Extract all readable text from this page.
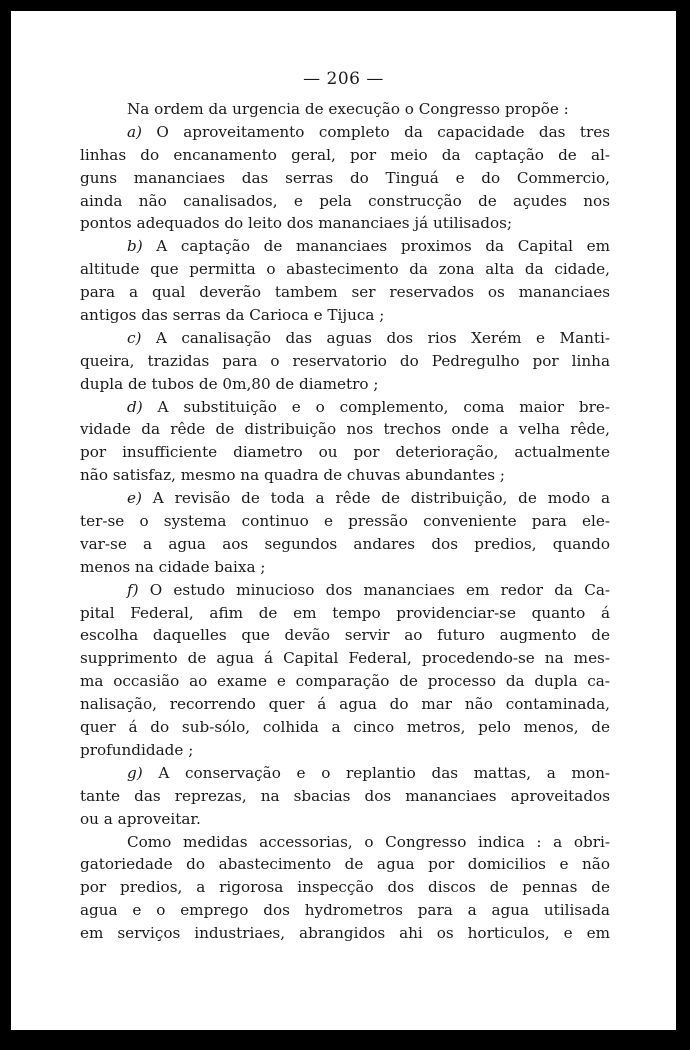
— 206 —
Na ordem da urgencia de execução o Congresso propõe :
a) O aproveitamento completo da capacidade das tres
linhas do encanamento geral, por meio da captação de al-
guns mananciaes das serras do Tinguá e do Commercio,
ainda não canalisados, e pela construcção de açudes nos
pontos adequados do leito dos mananciaes já utilisados;
b) A captação de mananciaes proximos da Capital em
altitude que permitta o abastecimento da zona alta da cidade,
para a qual deverão tambem ser reservados os mananciaes
antigos das serras da Carioca e Tijuca ;
c) A canalisação das aguas dos rios Xerém e Manti-
queira, trazidas para o reservatorio do Pedregulho por linha
dupla de tubos de 0m,80 de diametro ;
d) A substituição e o complemento, coma maior bre-
vidade da rêde de distribuição nos trechos onde a velha rêde,
por insufficiente diametro ou por deterioração, actualmente
não satisfaz, mesmo na quadra de chuvas abundantes ;
e) A revisão de toda a rêde de distribuição, de modo a
ter-se o systema continuo e pressão conveniente para ele-
var-se a agua aos segundos andares dos predios, quando
menos na cidade baixa ;
f) O estudo minucioso dos mananciaes em redor da Ca-
pital Federal, afim de em tempo providenciar-se quanto á
escolha daquelles que devão servir ao futuro augmento de
supprimento de agua á Capital Federal, procedendo-se na mes-
ma occasião ao exame e comparação de processo da dupla ca-
nalisação, recorrendo quer á agua do mar não contaminada,
quer á do sub-sólo, colhida a cinco metros, pelo menos, de
profundidade ;
g) A conservação e o replantio das mattas, a mon-
tante das reprezas, na sbacias dos mananciaes aproveitados
ou a aproveitar.
Como medidas accessorias, o Congresso indica : a obri-
gatoriedade do abastecimento de agua por domicilios e não
por predios, a rigorosa inspecção dos discos de pennas de
agua e o emprego dos hydrometros para a agua utilisada
em serviços industriaes, abrangidos ahi os horticulos, e em
